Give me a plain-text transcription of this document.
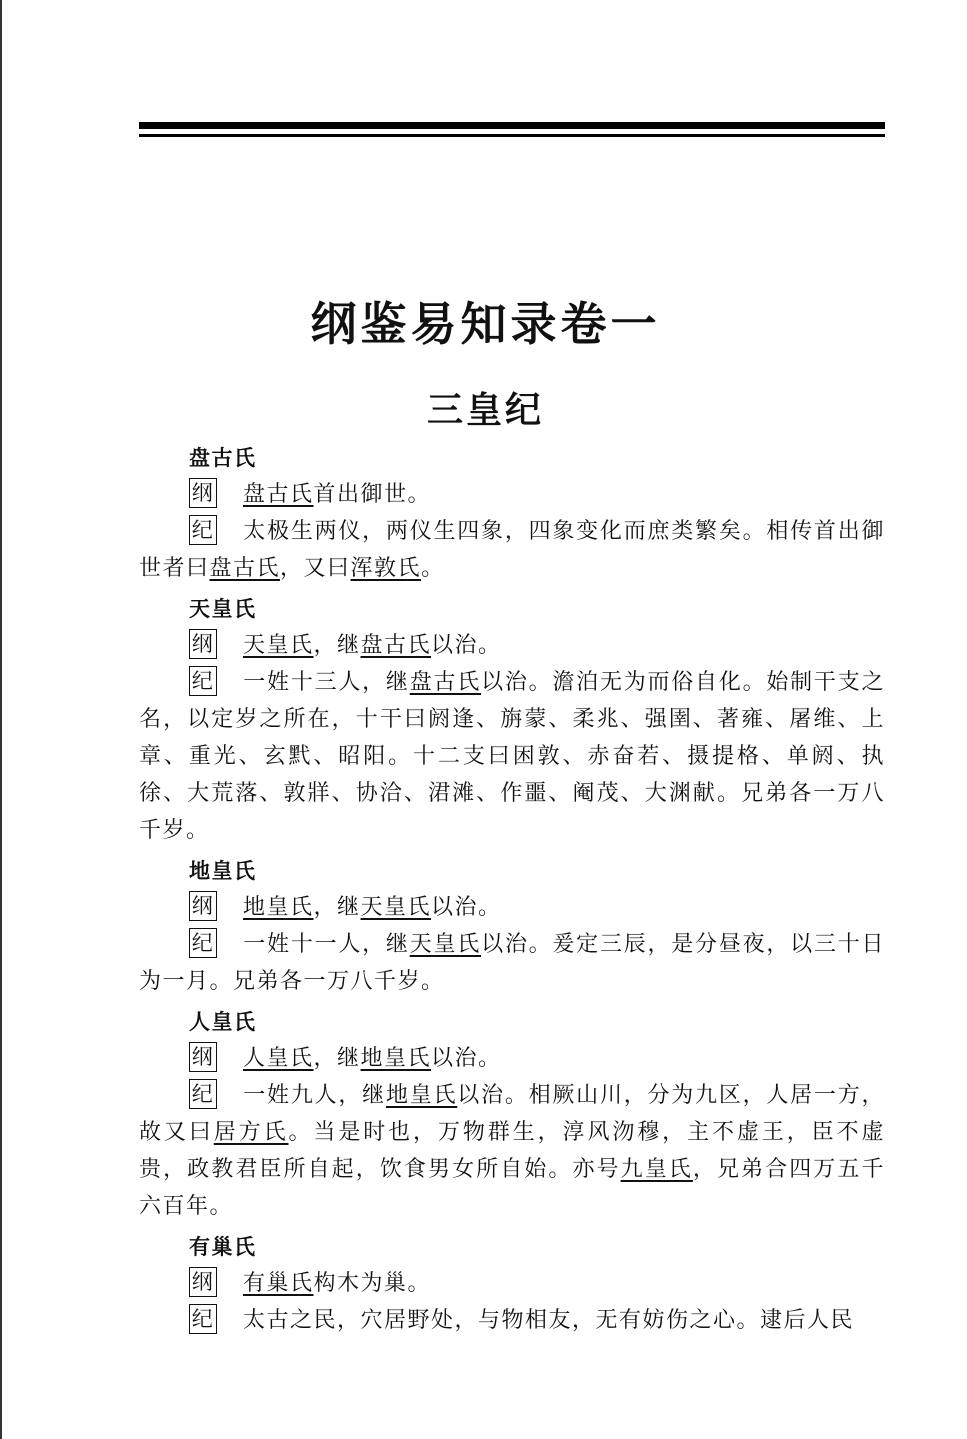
纲鉴易知录卷一
三皇纪
盘古氏

纲 盘古氏首出御世。

纪 太极生两仪，两仪生四象，四象变化而庶类繁矣。相传首出御世者曰盘古氏，又曰浑敦氏。

天皇氏

纲 天皇氏，继盘古氏以治。

纪 一姓十三人，继盘古氏以治。澹泊无为而俗自化。始制干支之名，以定岁之所在，十干曰阏逢、旃蒙、柔兆、强圉、著雍、屠维、上章、重光、玄黓、昭阳。十二支曰困敦、赤奋若、摄提格、单阏、执徐、大荒落、敦牂、协洽、涒滩、作噩、阉茂、大渊献。兄弟各一万八千岁。

地皇氏

纲 地皇氏，继天皇氏以治。

纪 一姓十一人，继天皇氏以治。爰定三辰，是分昼夜，以三十日为一月。兄弟各一万八千岁。

人皇氏

纲 人皇氏，继地皇氏以治。

纪 一姓九人，继地皇氏以治。相厥山川，分为九区，人居一方，故又曰居方氏。当是时也，万物群生，淳风沕穆，主不虚王，臣不虚贵，政教君臣所自起，饮食男女所自始。亦号九皇氏，兄弟合四万五千六百年。

有巢氏

纲 有巢氏构木为巢。

纪 太古之民，穴居野处，与物相友，无有妨伤之心。逮后人民
